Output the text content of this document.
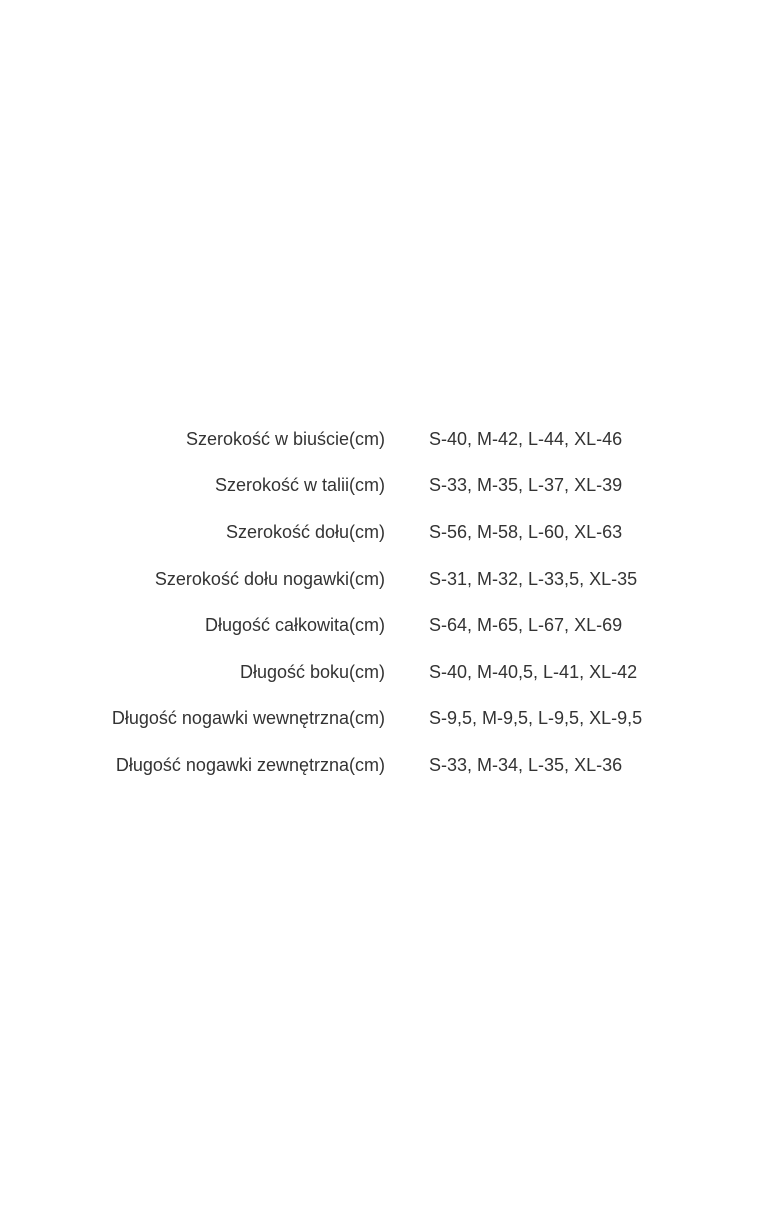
Szerokość w biuście(cm) S-40, M-42, L-44, XL-46
Szerokość w talii(cm) S-33, M-35, L-37, XL-39
Szerokość dołu(cm) S-56, M-58, L-60, XL-63
Szerokość dołu nogawki(cm) S-31, M-32, L-33,5, XL-35
Długość całkowita(cm) S-64, M-65, L-67, XL-69
Długość boku(cm) S-40, M-40,5, L-41, XL-42
Długość nogawki wewnętrzna(cm) S-9,5, M-9,5, L-9,5, XL-9,5
Długość nogawki zewnętrzna(cm) S-33, M-34, L-35, XL-36
